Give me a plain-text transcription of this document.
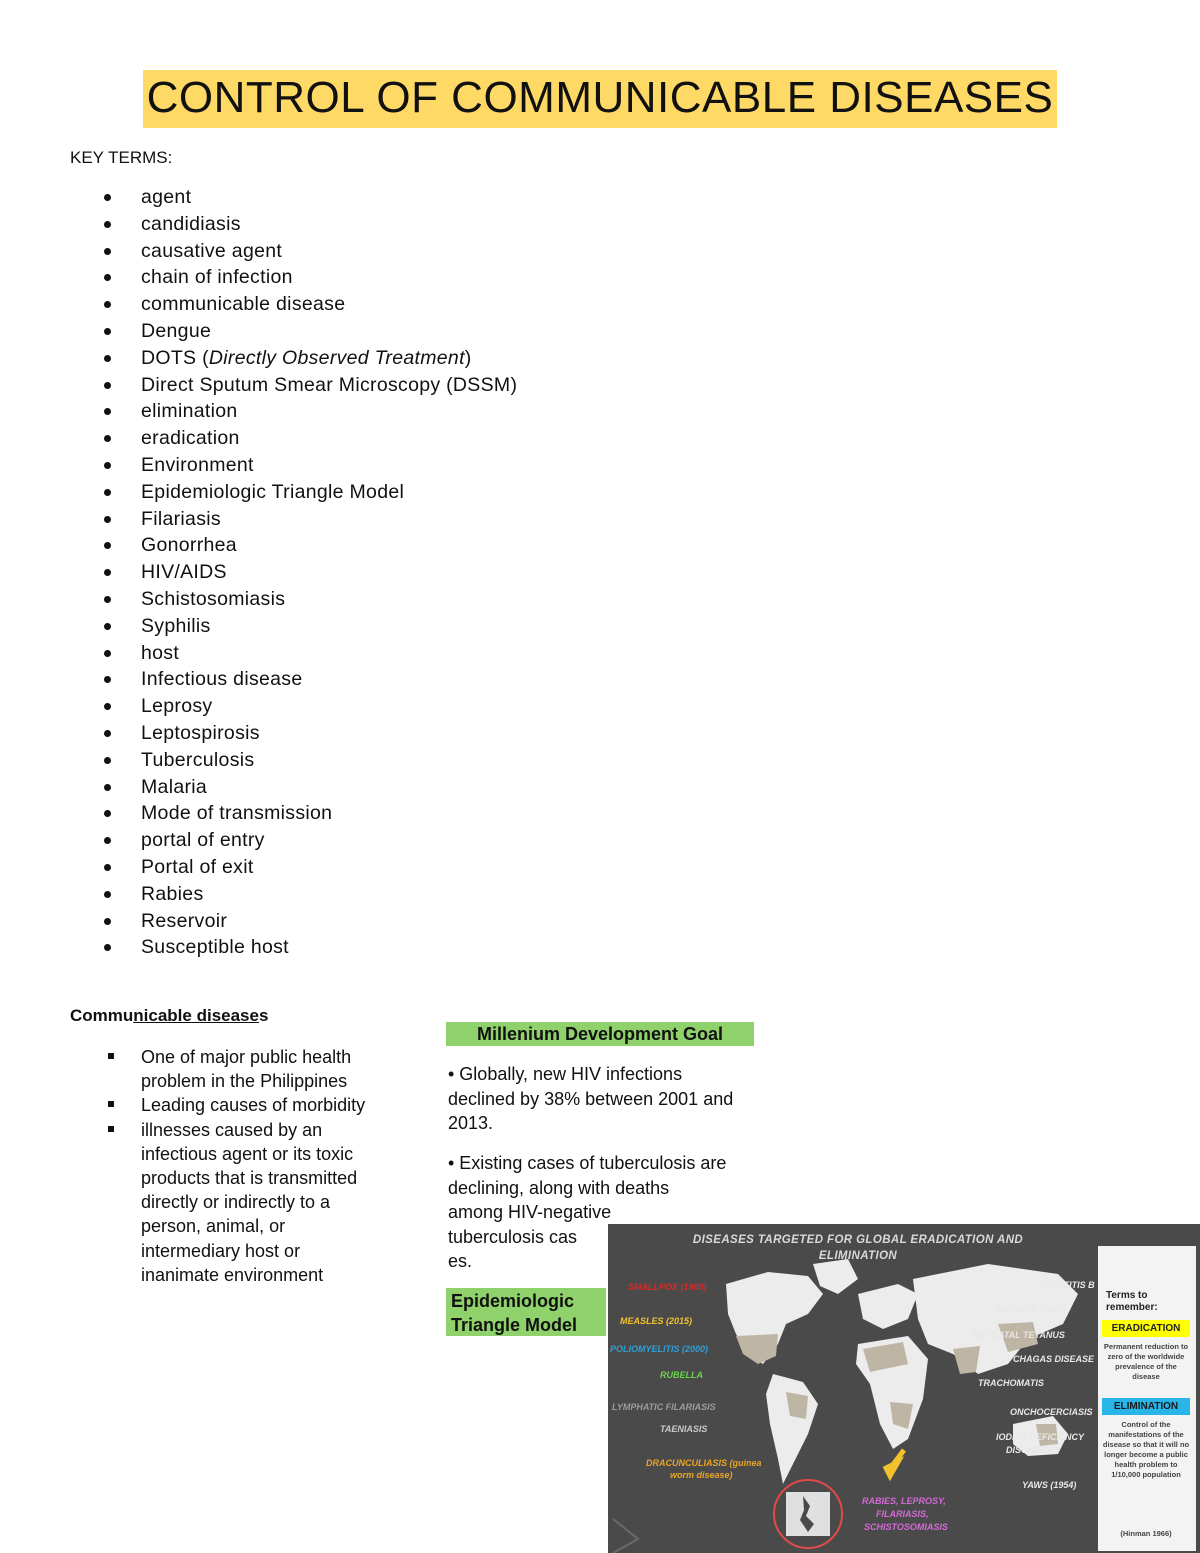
CONTROL OF COMMUNICABLE DISEASES
KEY TERMS:
agent
candidiasis
causative agent
chain of infection
communicable disease
Dengue
DOTS (Directly Observed Treatment)
Direct Sputum Smear Microscopy (DSSM)
elimination
eradication
Environment
Epidemiologic Triangle Model
Filariasis
Gonorrhea
HIV/AIDS
Schistosomiasis
Syphilis
host
Infectious disease
Leprosy
Leptospirosis
Tuberculosis
Malaria
Mode of transmission
portal of entry
Portal of exit
Rabies
Reservoir
Susceptible host
Communicable diseases
One of major public health problem in the Philippines
Leading causes of morbidity
illnesses caused by an infectious agent or its toxic products that is transmitted directly or indirectly to a person, animal, or intermediary host or inanimate environment
Millenium Development Goal
• Globally, new HIV infections declined by 38% between 2001 and 2013.
• Existing cases of tuberculosis are
declining, along with deaths
among HIV-negative
tuberculosis cas
es.
Epidemiologic
Triangle Model
DISEASES TARGETED FOR GLOBAL ERADICATION AND
ELIMINATION
SMALLPOX (1980)
MEASLES (2015)
POLIOMYELITIS (2000)
RUBELLA
LYMPHATIC FILARIASIS
TAENIASIS
DRACUNCULIASIS (guinea
worm disease)
HEPATITIS B
MALARIA (1955)
NEONATAL TETANUS
CHAGAS DISEASE
TRACHOMATIS
ONCHOCERCIASIS
IODINE DEFICIENCY
DISORDERS
YAWS (1954)
RABIES, LEPROSY,
FILARIASIS,
SCHISTOSOMIASIS
Terms to
remember:
ERADICATION
Permanent reduction to zero of the worldwide prevalence of the disease
ELIMINATION
Control of the manifestations of the disease so that it will no longer become a public health problem to 1/10,000 population
(Hinman 1966)
